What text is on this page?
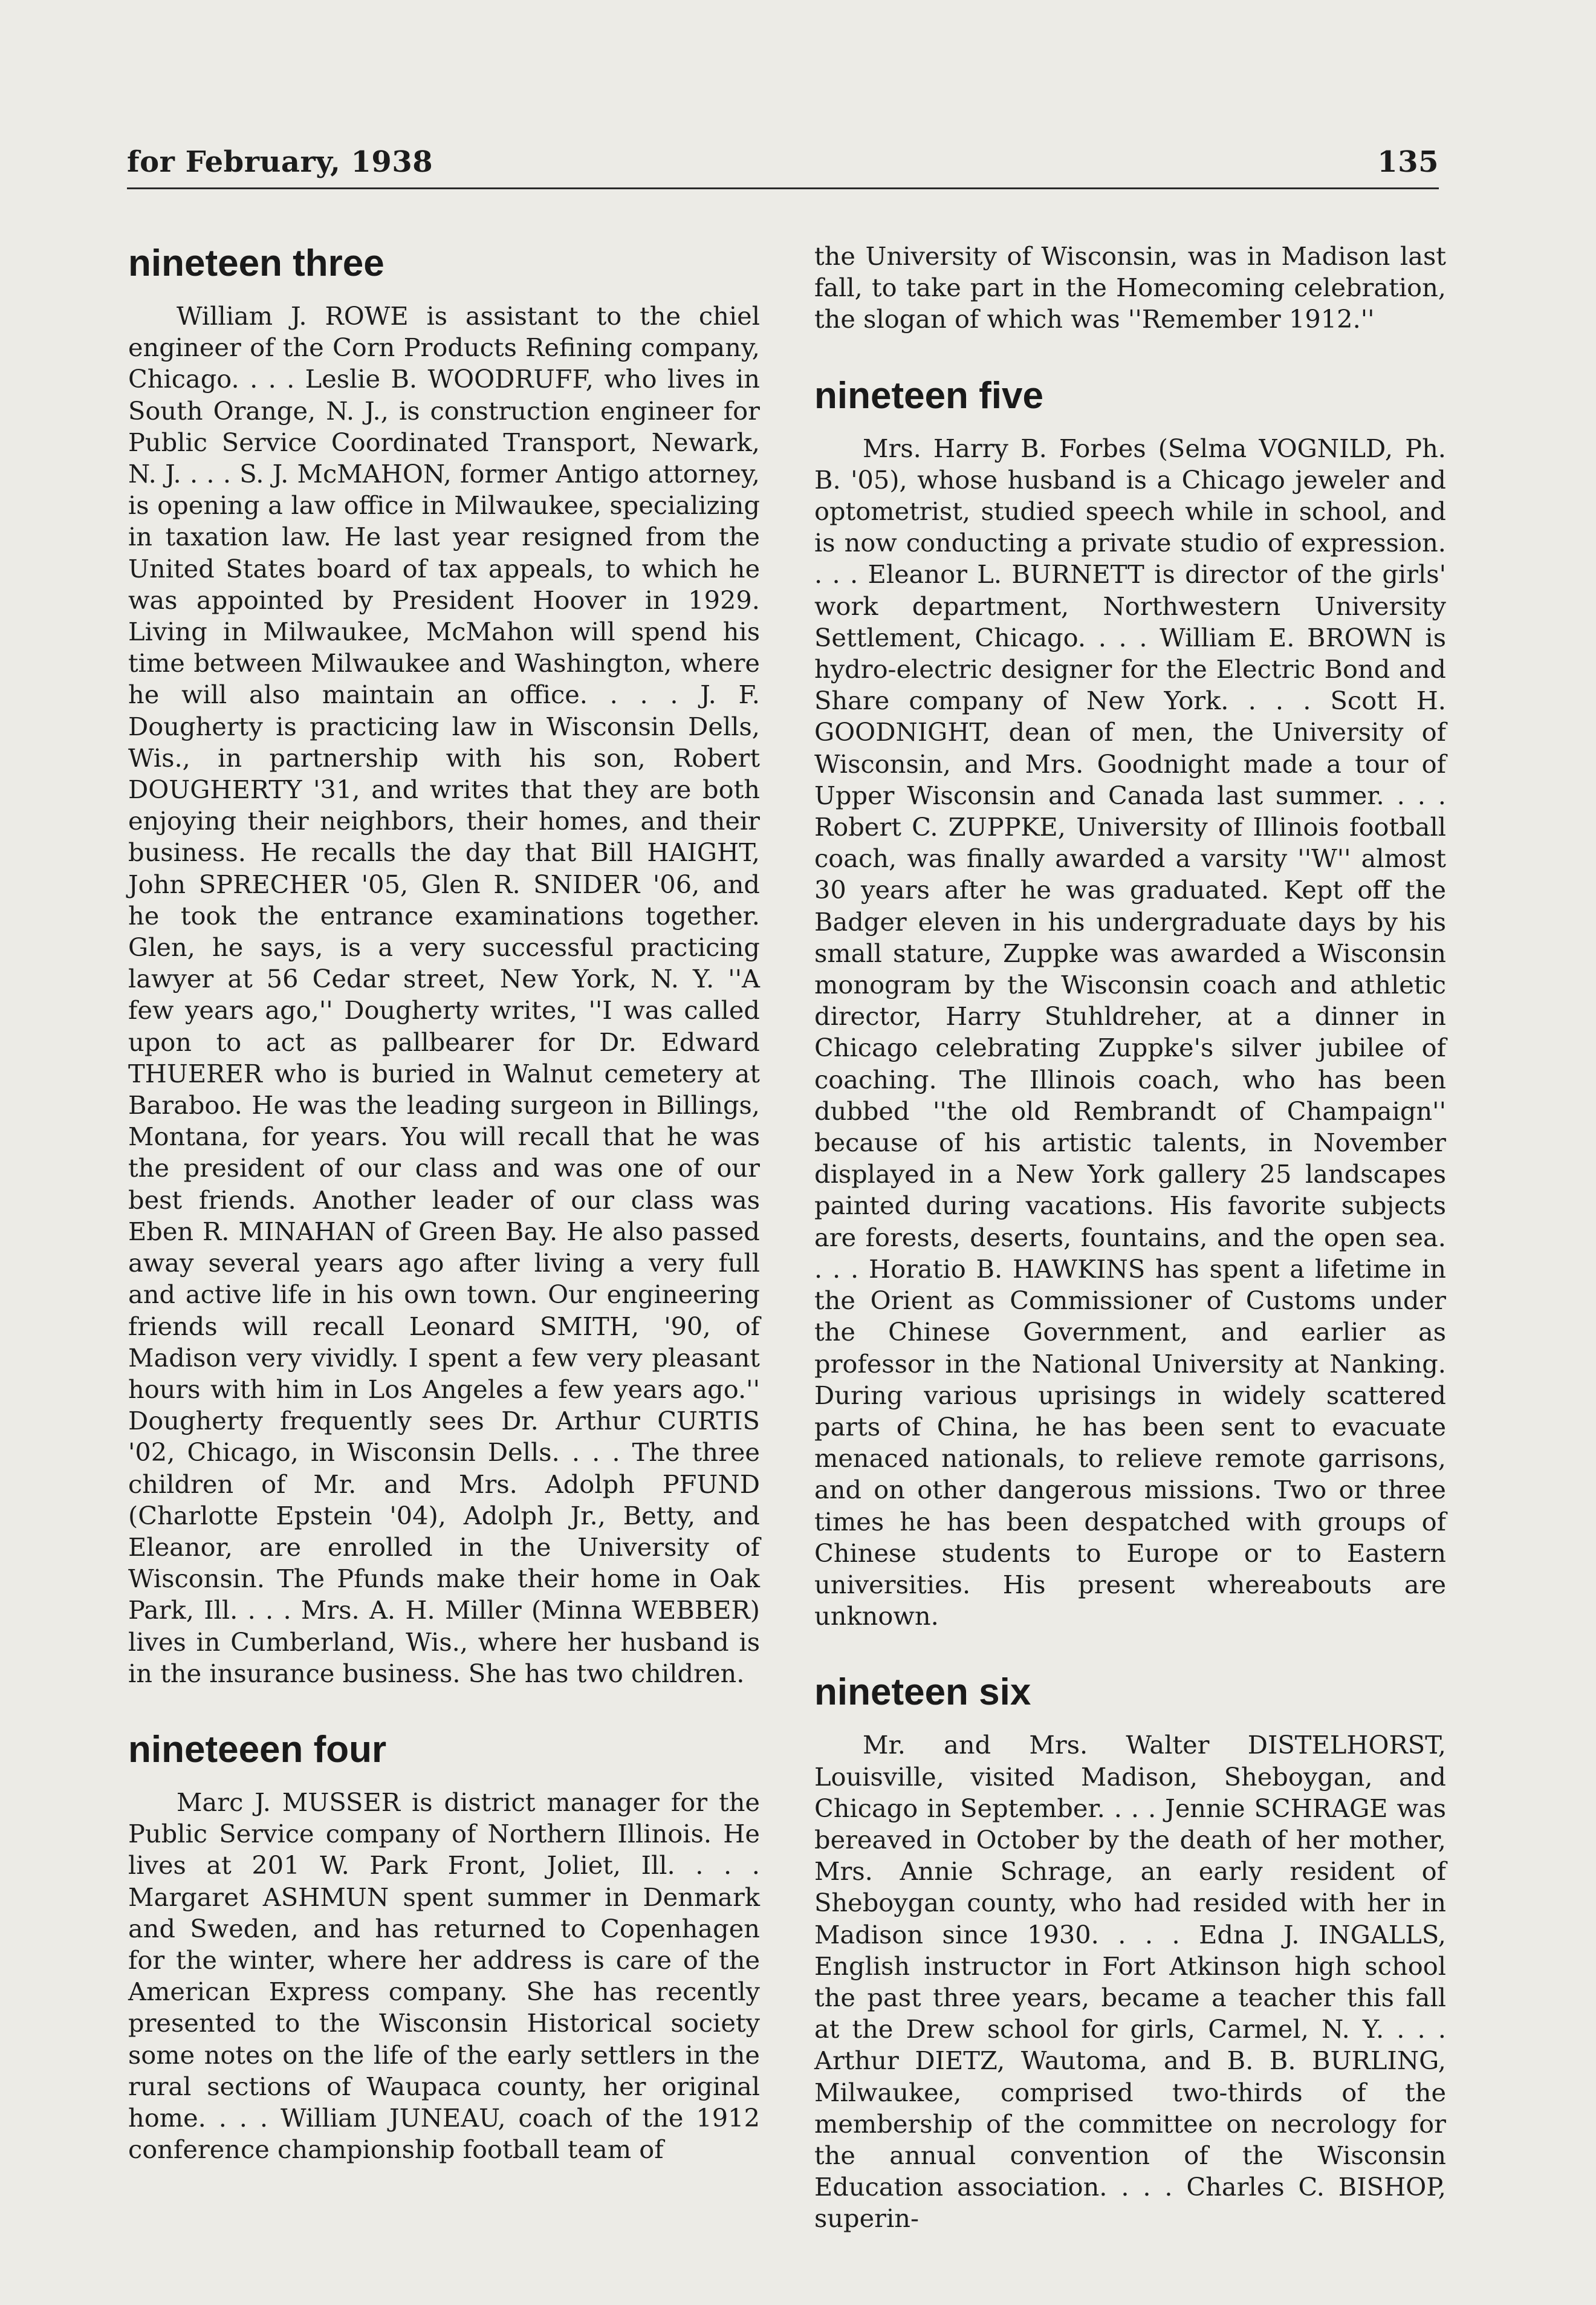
for February, 1938	135
nineteen three

William J. ROWE is assistant to the chiel engineer of the Corn Products Refining company, Chicago. . . . Leslie B. WOODRUFF, who lives in South Orange, N. J., is construction engineer for Public Service Coordinated Transport, Newark, N. J. . . . S. J. McMAHON, former Antigo attorney, is opening a law office in Milwaukee, specializing in taxation law. He last year resigned from the United States board of tax appeals, to which he was appointed by President Hoover in 1929. Living in Milwaukee, McMahon will spend his time between Milwaukee and Washington, where he will also maintain an office. . . . J. F. Dougherty is practicing law in Wisconsin Dells, Wis., in partnership with his son, Robert DOUGHERTY '31, and writes that they are both enjoying their neighbors, their homes, and their business. He recalls the day that Bill HAIGHT, John SPRECHER '05, Glen R. SNIDER '06, and he took the entrance examinations together. Glen, he says, is a very successful practicing lawyer at 56 Cedar street, New York, N. Y. ''A few years ago,'' Dougherty writes, ''I was called upon to act as pallbearer for Dr. Edward THUERER who is buried in Walnut cemetery at Baraboo. He was the leading surgeon in Billings, Montana, for years. You will recall that he was the president of our class and was one of our best friends. Another leader of our class was Eben R. MINAHAN of Green Bay. He also passed away several years ago after living a very full and active life in his own town. Our engineering friends will recall Leonard SMITH, '90, of Madison very vividly. I spent a few very pleasant hours with him in Los Angeles a few years ago.'' Dougherty frequently sees Dr. Arthur CURTIS '02, Chicago, in Wisconsin Dells. . . . The three children of Mr. and Mrs. Adolph PFUND (Charlotte Epstein '04), Adolph Jr., Betty, and Eleanor, are enrolled in the University of Wisconsin. The Pfunds make their home in Oak Park, Ill. . . . Mrs. A. H. Miller (Minna WEBBER) lives in Cumberland, Wis., where her husband is in the insurance business. She has two children.

nineteeen four

Marc J. MUSSER is district manager for the Public Service company of Northern Illinois. He lives at 201 W. Park Front, Joliet, Ill. . . . Margaret ASHMUN spent summer in Denmark and Sweden, and has returned to Copenhagen for the winter, where her address is care of the American Express company. She has recently presented to the Wisconsin Historical society some notes on the life of the early settlers in the rural sections of Waupaca county, her original home. . . . William JUNEAU, coach of the 1912 conference championship football team of

the University of Wisconsin, was in Madison last fall, to take part in the Homecoming celebration, the slogan of which was ''Remember 1912.''

nineteen five

Mrs. Harry B. Forbes (Selma VOGNILD, Ph. B. '05), whose husband is a Chicago jeweler and optometrist, studied speech while in school, and is now conducting a private studio of expression. . . . Eleanor L. BURNETT is director of the girls' work department, Northwestern University Settlement, Chicago. . . . William E. BROWN is hydro-electric designer for the Electric Bond and Share company of New York. . . . Scott H. GOODNIGHT, dean of men, the University of Wisconsin, and Mrs. Goodnight made a tour of Upper Wisconsin and Canada last summer. . . . Robert C. ZUPPKE, University of Illinois football coach, was finally awarded a varsity ''W'' almost 30 years after he was graduated. Kept off the Badger eleven in his undergraduate days by his small stature, Zuppke was awarded a Wisconsin monogram by the Wisconsin coach and athletic director, Harry Stuhldreher, at a dinner in Chicago celebrating Zuppke's silver jubilee of coaching. The Illinois coach, who has been dubbed ''the old Rembrandt of Champaign'' because of his artistic talents, in November displayed in a New York gallery 25 landscapes painted during vacations. His favorite subjects are forests, deserts, fountains, and the open sea. . . . Horatio B. HAWKINS has spent a lifetime in the Orient as Commissioner of Customs under the Chinese Government, and earlier as professor in the National University at Nanking. During various uprisings in widely scattered parts of China, he has been sent to evacuate menaced nationals, to relieve remote garrisons, and on other dangerous missions. Two or three times he has been despatched with groups of Chinese students to Europe or to Eastern universities. His present whereabouts are unknown.

nineteen six

Mr. and Mrs. Walter DISTELHORST, Louisville, visited Madison, Sheboygan, and Chicago in September. . . . Jennie SCHRAGE was bereaved in October by the death of her mother, Mrs. Annie Schrage, an early resident of Sheboygan county, who had resided with her in Madison since 1930. . . . Edna J. INGALLS, English instructor in Fort Atkinson high school the past three years, became a teacher this fall at the Drew school for girls, Carmel, N. Y. . . . Arthur DIETZ, Wautoma, and B. B. BURLING, Milwaukee, comprised two-thirds of the membership of the committee on necrology for the annual convention of the Wisconsin Education association. . . . Charles C. BISHOP, superin-
